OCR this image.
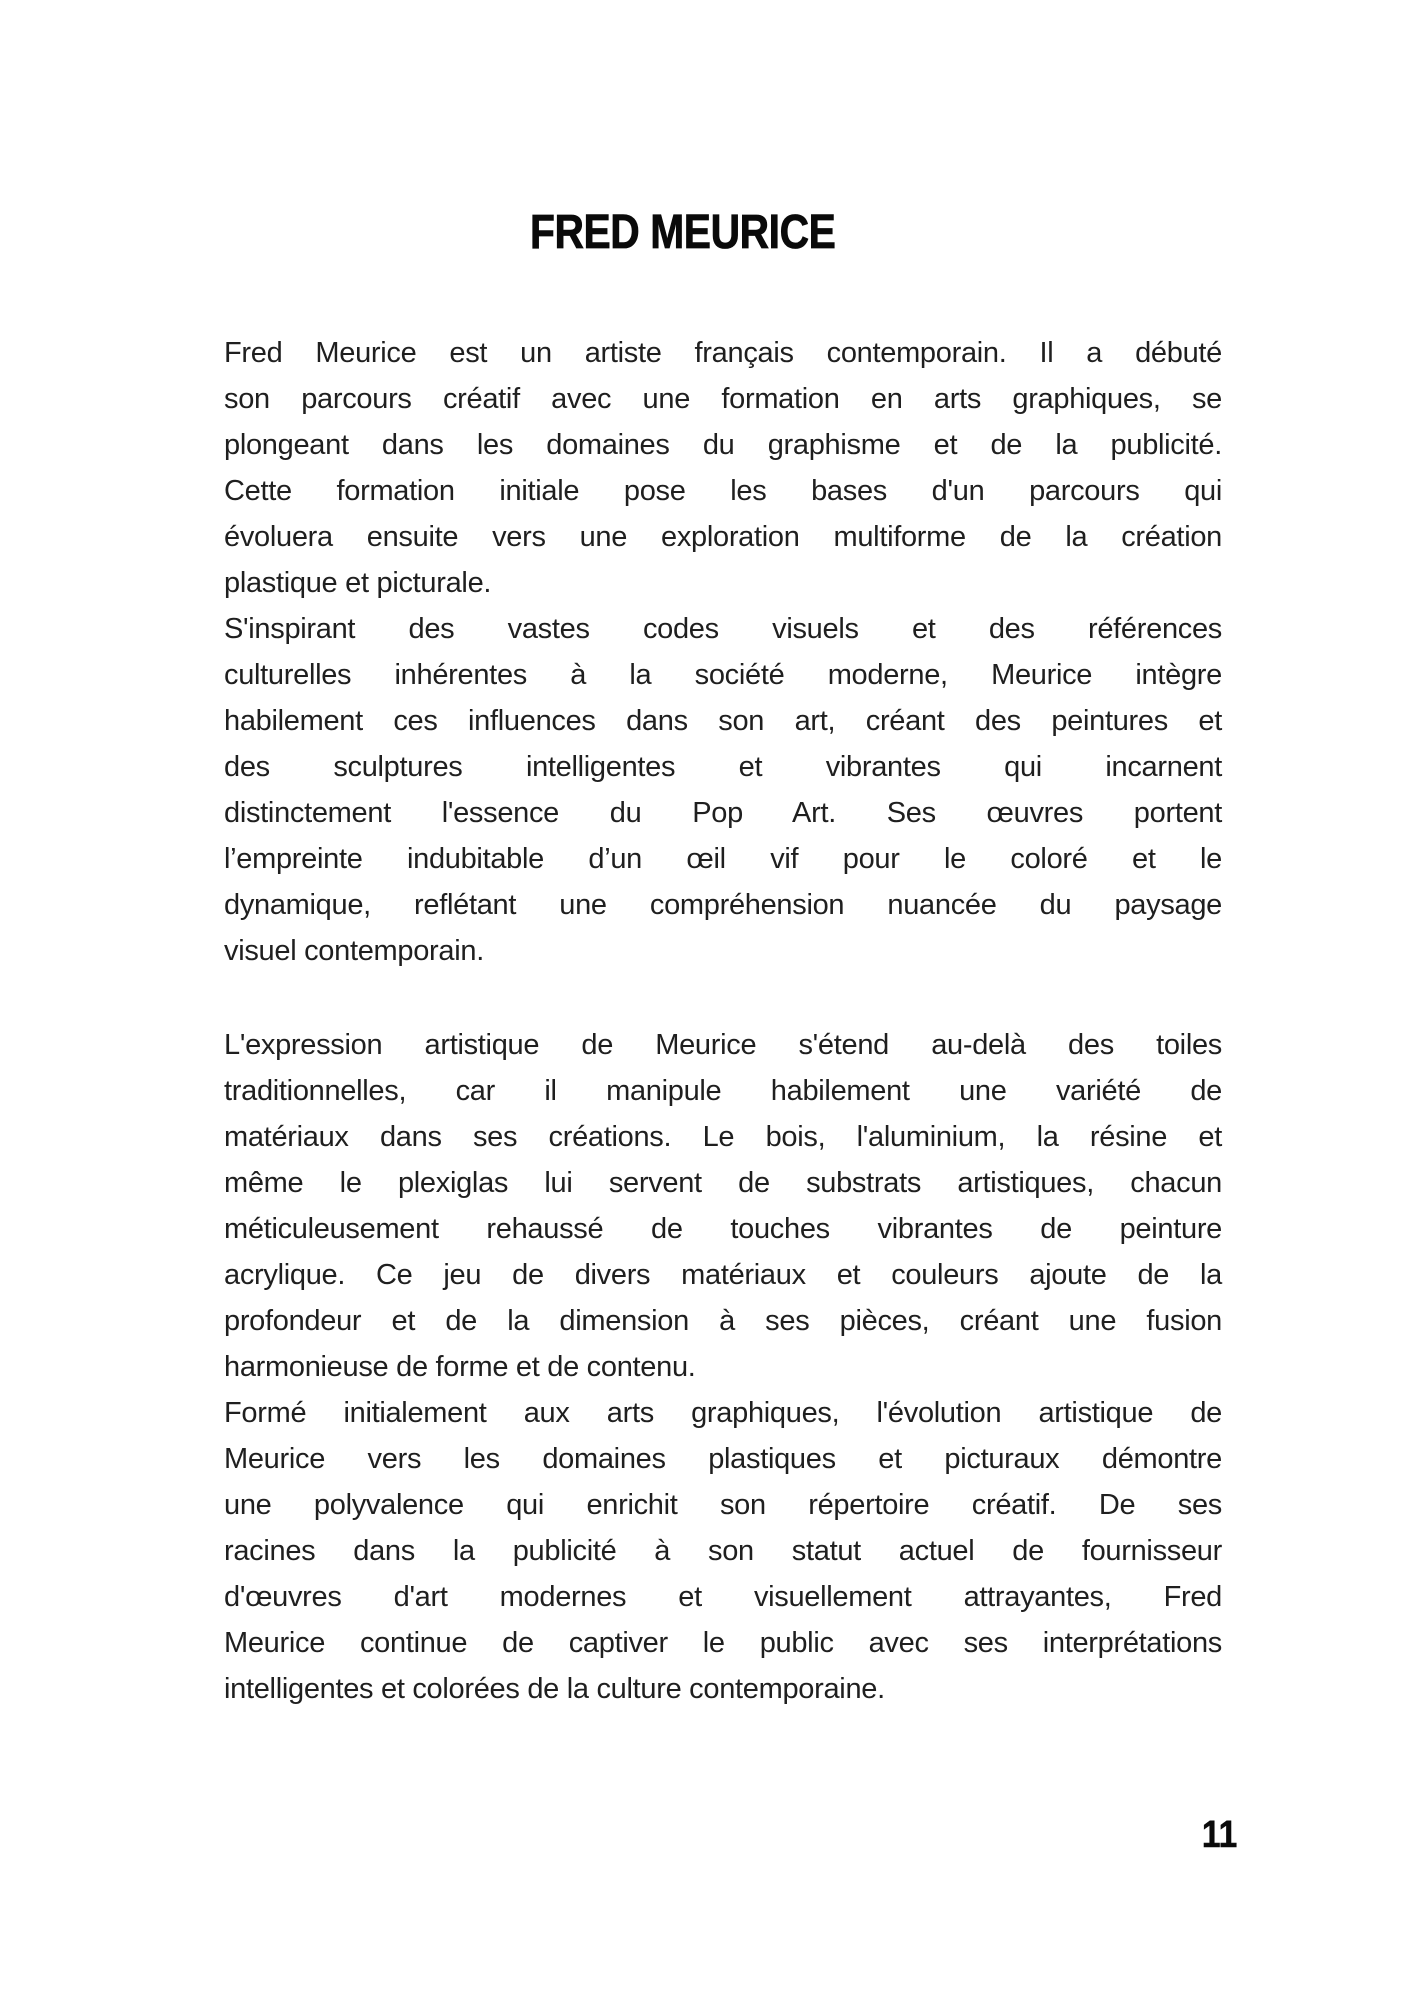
FRED MEURICE

Fred Meurice est un artiste français contemporain. Il a débuté
son parcours créatif avec une formation en arts graphiques, se
plongeant dans les domaines du graphisme et de la publicité.
Cette formation initiale pose les bases d'un parcours qui
évoluera ensuite vers une exploration multiforme de la création
plastique et picturale.

S'inspirant des vastes codes visuels et des références
culturelles inhérentes à la société moderne, Meurice intègre
habilement ces influences dans son art, créant des peintures et
des sculptures intelligentes et vibrantes qui incarnent
distinctement l'essence du Pop Art. Ses œuvres portent
l’empreinte indubitable d’un œil vif pour le coloré et le
dynamique, reflétant une compréhension nuancée du paysage
visuel contemporain.

L'expression artistique de Meurice s'étend au-delà des toiles
traditionnelles, car il manipule habilement une variété de
matériaux dans ses créations. Le bois, l'aluminium, la résine et
même le plexiglas lui servent de substrats artistiques, chacun
méticuleusement rehaussé de touches vibrantes de peinture
acrylique. Ce jeu de divers matériaux et couleurs ajoute de la
profondeur et de la dimension à ses pièces, créant une fusion
harmonieuse de forme et de contenu.

Formé initialement aux arts graphiques, l'évolution artistique de
Meurice vers les domaines plastiques et picturaux démontre
une polyvalence qui enrichit son répertoire créatif. De ses
racines dans la publicité à son statut actuel de fournisseur
d'œuvres d'art modernes et visuellement attrayantes, Fred
Meurice continue de captiver le public avec ses interprétations
intelligentes et colorées de la culture contemporaine.

11
